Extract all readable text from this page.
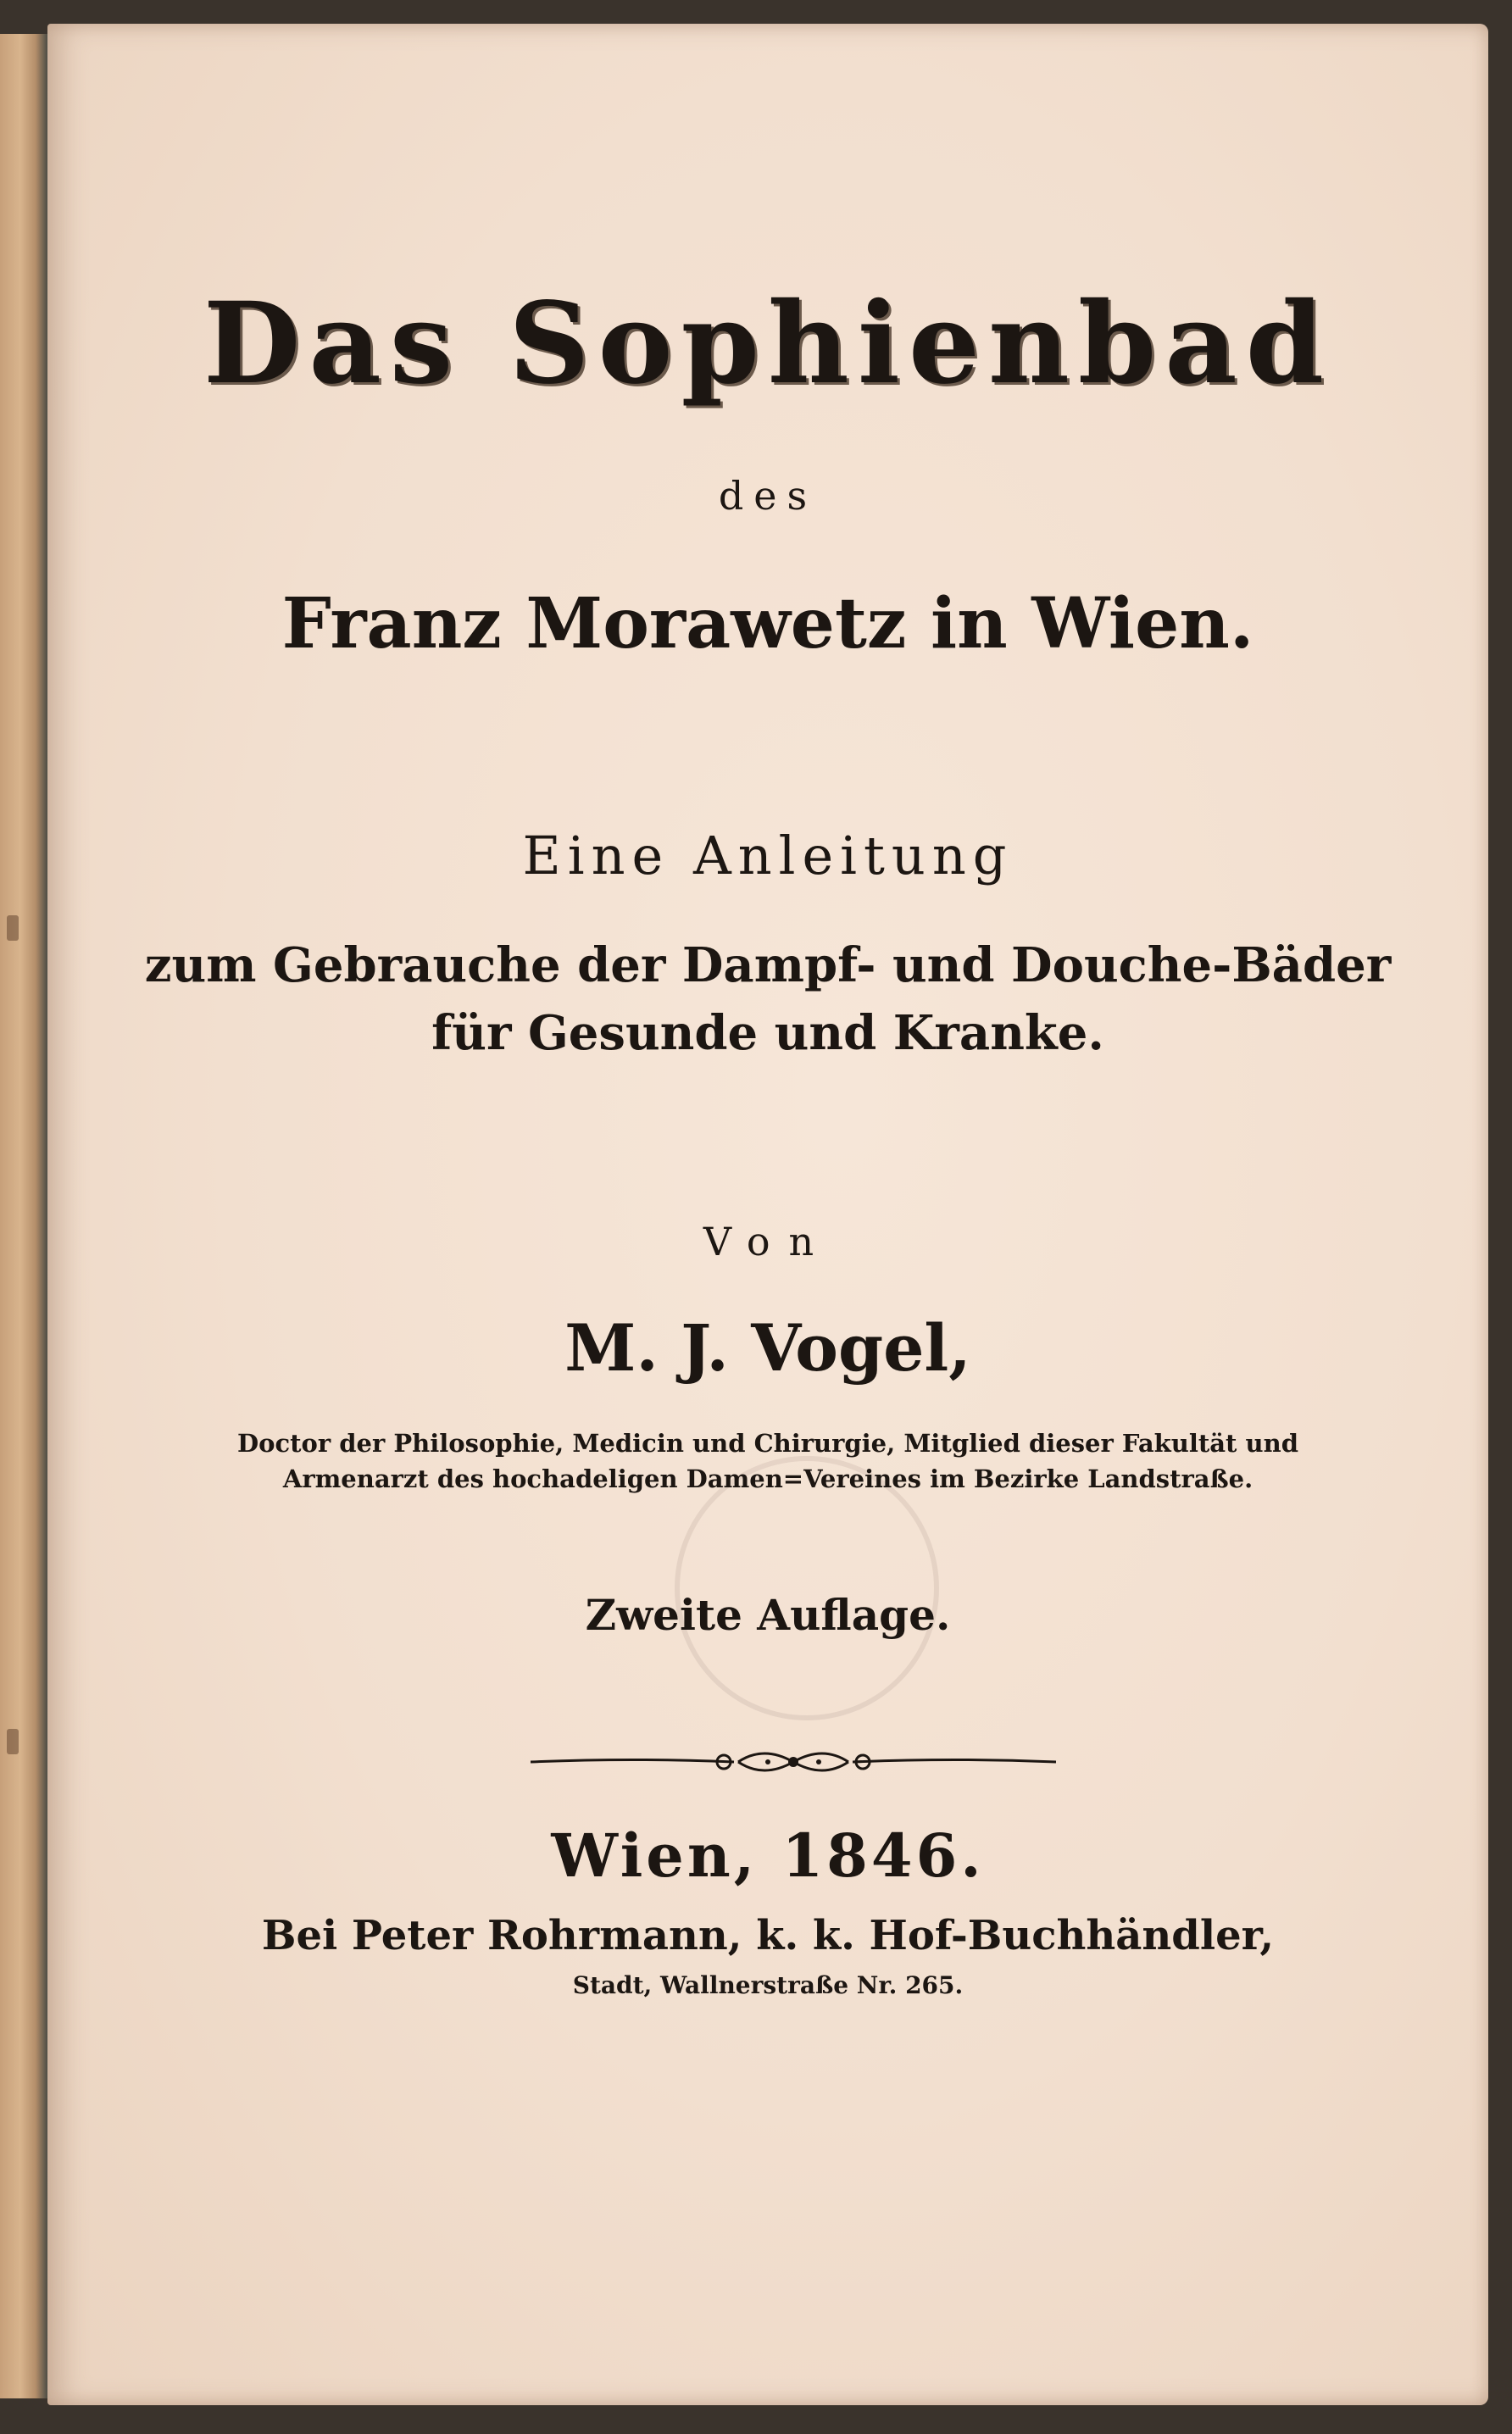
Das Sophienbad
des
Franz Morawetz in Wien.
Eine Anleitung
zum Gebrauche der Dampf- und Douche-Bäder
für Gesunde und Kranke.
Von
M. J. Vogel,
Doctor der Philosophie, Medicin und Chirurgie, Mitglied dieser Fakultät und
Armenarzt des hochadeligen Damen=Vereines im Bezirke Landstraße.
Zweite Auflage.
Wien, 1846.
Bei Peter Rohrmann, k. k. Hof-Buchhändler,
Stadt, Wallnerstraße Nr. 265.
